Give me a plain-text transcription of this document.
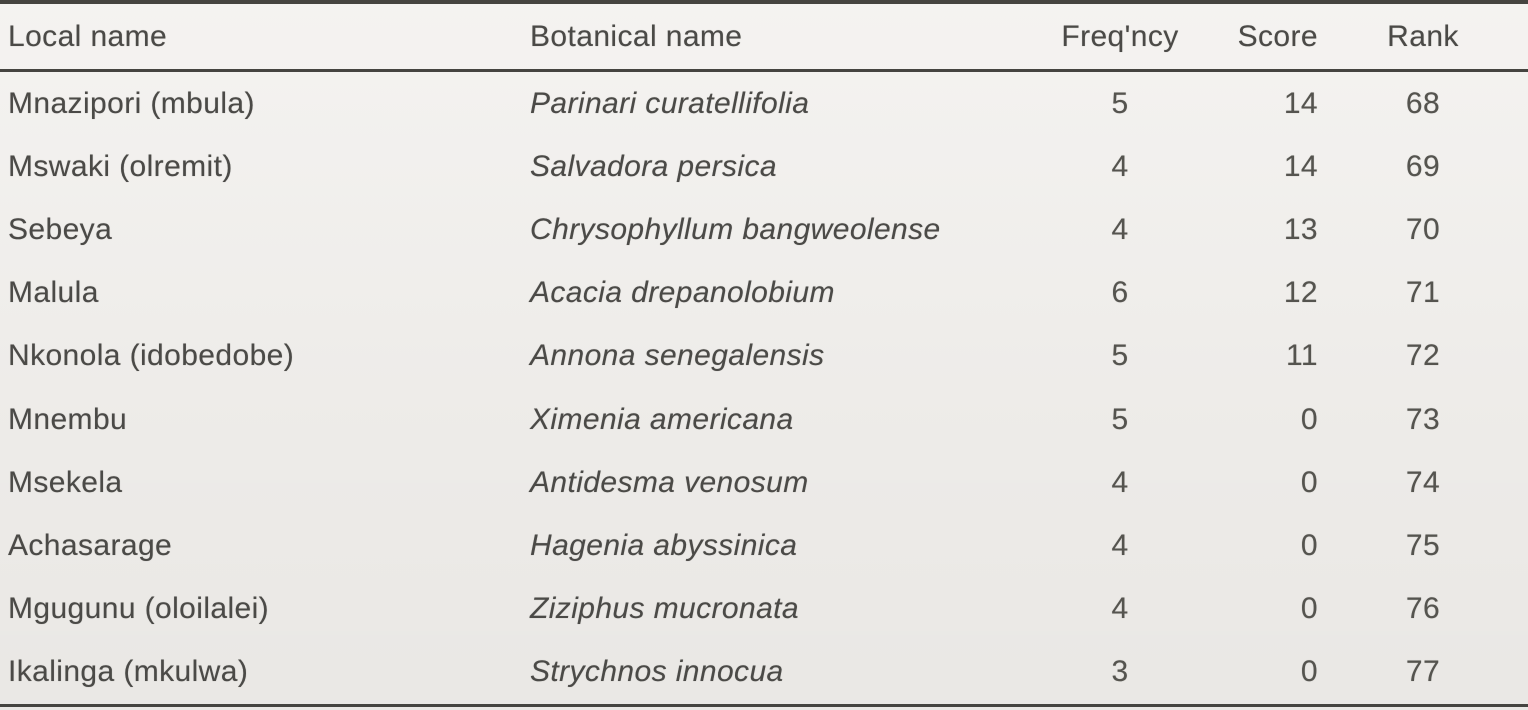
Local name	Botanical name	Freq'ncy	Score	Rank
Mnazipori (mbula)	Parinari curatellifolia	5	14	68
Mswaki (olremit)	Salvadora persica	4	14	69
Sebeya	Chrysophyllum bangweolense	4	13	70
Malula	Acacia drepanolobium	6	12	71
Nkonola (idobedobe)	Annona senegalensis	5	11	72
Mnembu	Ximenia americana	5	0	73
Msekela	Antidesma venosum	4	0	74
Achasarage	Hagenia abyssinica	4	0	75
Mgugunu (oloilalei)	Ziziphus mucronata	4	0	76
Ikalinga (mkulwa)	Strychnos innocua	3	0	77
